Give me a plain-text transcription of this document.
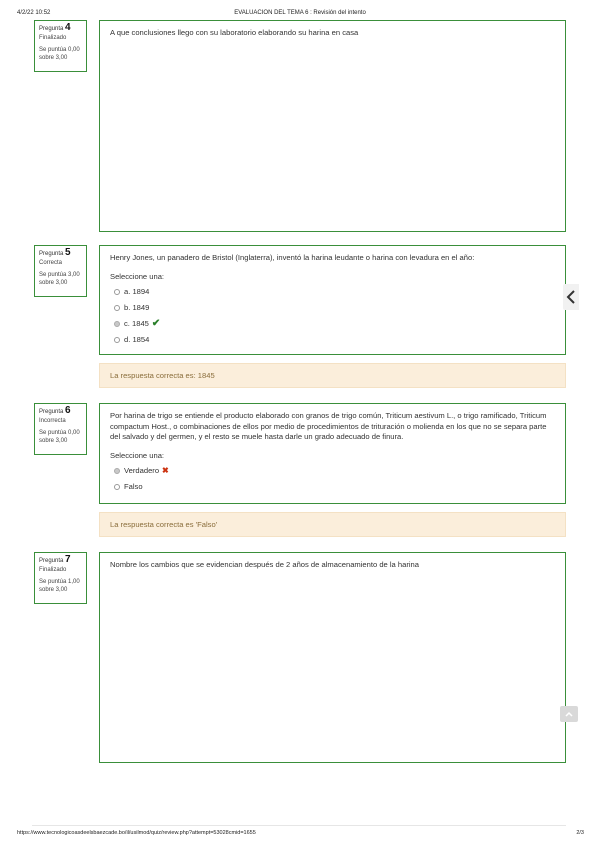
4/2/22 10:52	EVALUACION DEL TEMA 6 : Revisión del intento
Pregunta 4
Finalizado
Se puntúa 0,00
sobre 3,00
A que conclusiones llego con su laboratorio elaborando su harina en casa
Pregunta 5
Correcta
Se puntúa 3,00
sobre 3,00
Henry Jones, un panadero de Bristol (Inglaterra), inventó la harina leudante o harina con levadura en el año:
Seleccione una:
a. 1894
b. 1849
c. 1845 ✔
d. 1854
La respuesta correcta es: 1845
Pregunta 6
Incorrecta
Se puntúa 0,00
sobre 3,00
Por harina de trigo se entiende el producto elaborado con granos de trigo común, Triticum aestivum L., o trigo ramificado, Triticum compactum Host., o combinaciones de ellos por medio de procedimientos de trituración o molienda en los que no se separa parte del salvado y del germen, y el resto se muele hasta darle un grado adecuado de finura.
Seleccione una:
Verdadero ✖
Falso
La respuesta correcta es 'Falso'
Pregunta 7
Finalizado
Se puntúa 1,00
sobre 3,00
Nombre los cambios que se evidencian después de 2 años de almacenamiento de la harina
https://www.tecnologicoasdeelsbaezcade.bo/il/usilmod/quiz/review.php?attempt=53028cmid=1655	2/3
